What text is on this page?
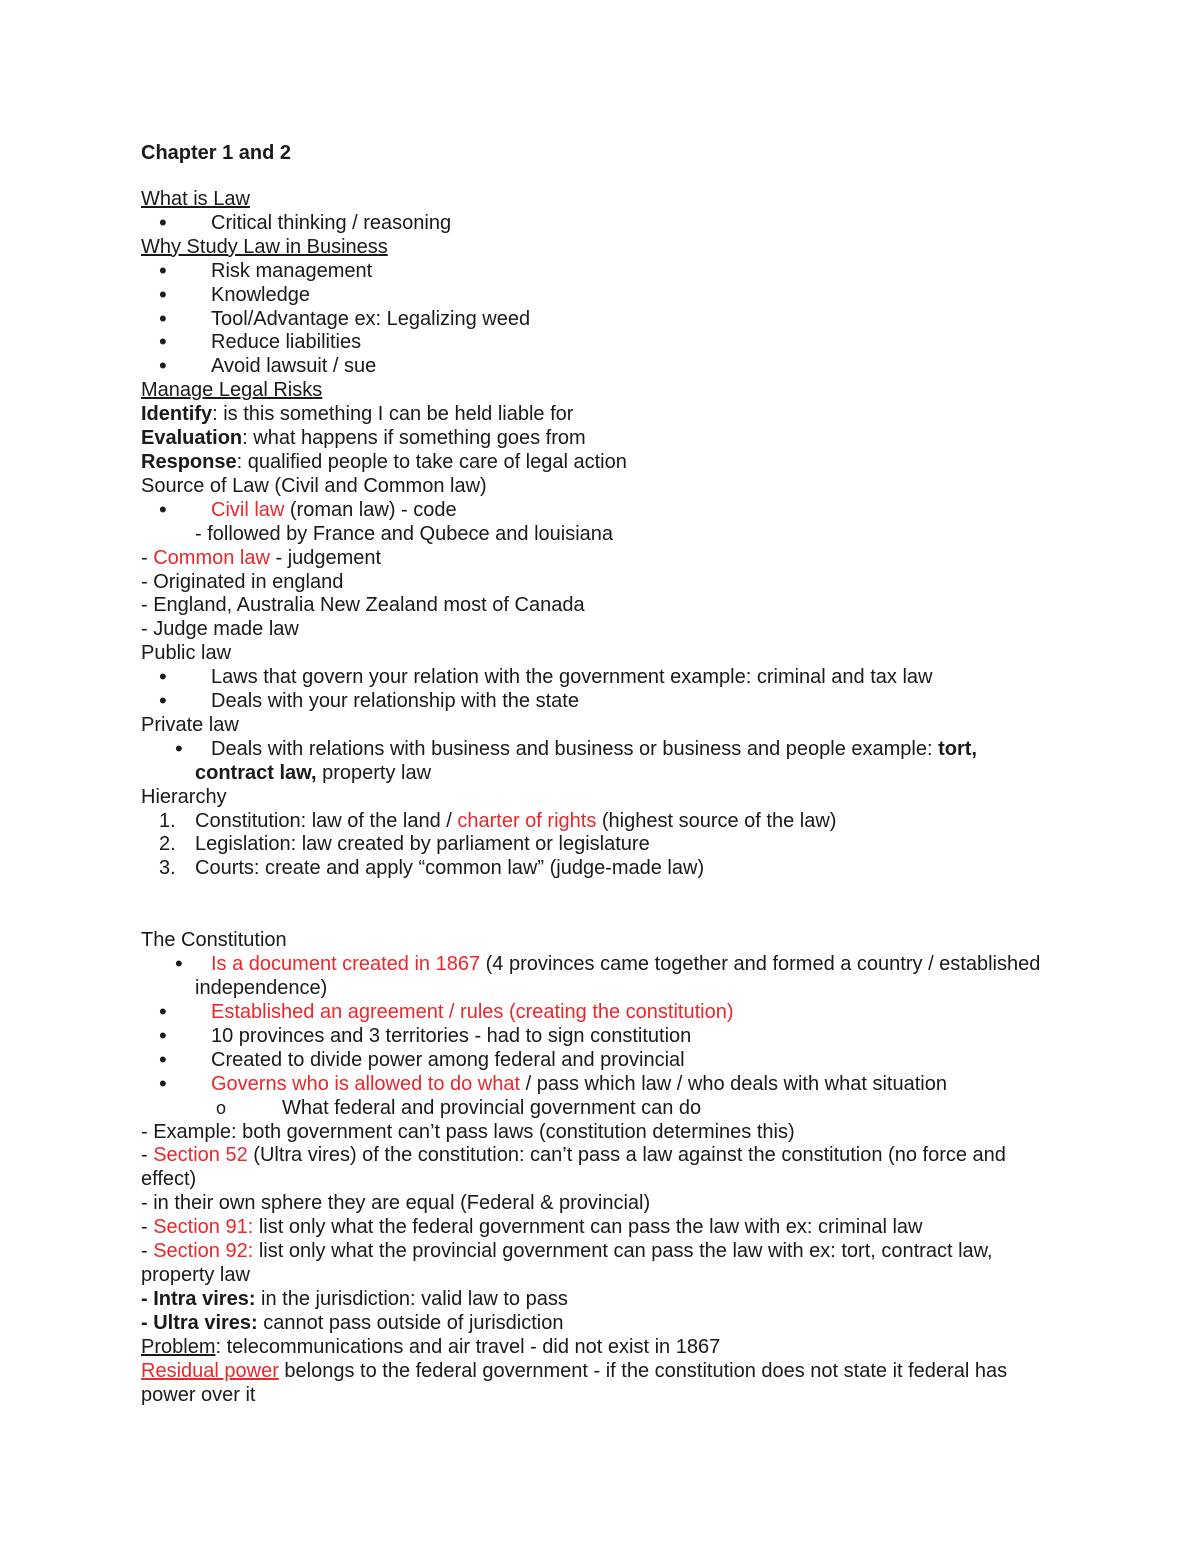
Chapter 1 and 2
What is Law
• Critical thinking / reasoning
Why Study Law in Business
• Risk management
• Knowledge
• Tool/Advantage ex: Legalizing weed
• Reduce liabilities
• Avoid lawsuit / sue
Manage Legal Risks
Identify: is this something I can be held liable for
Evaluation: what happens if something goes from
Response: qualified people to take care of legal action
Source of Law (Civil and Common law)
• Civil law (roman law) - code
- followed by France and Qubece and louisiana
- Common law - judgement
- Originated in england
- England, Australia New Zealand most of Canada
- Judge made law
Public law
• Laws that govern your relation with the government example: criminal and tax law
• Deals with your relationship with the state
Private law
• Deals with relations with business and business or business and people example: tort, contract law, property law
Hierarchy
1. Constitution: law of the land / charter of rights (highest source of the law)
2. Legislation: law created by parliament or legislature
3. Courts: create and apply “common law” (judge-made law)
The Constitution
• Is a document created in 1867 (4 provinces came together and formed a country / established independence)
• Established an agreement / rules (creating the constitution)
• 10 provinces and 3 territories - had to sign constitution
• Created to divide power among federal and provincial
• Governs who is allowed to do what / pass which law / who deals with what situation
o What federal and provincial government can do
- Example: both government can’t pass laws (constitution determines this)
- Section 52 (Ultra vires) of the constitution: can’t pass a law against the constitution (no force and effect)
- in their own sphere they are equal (Federal & provincial)
- Section 91: list only what the federal government can pass the law with ex: criminal law
- Section 92: list only what the provincial government can pass the law with ex: tort, contract law, property law
- Intra vires: in the jurisdiction: valid law to pass
- Ultra vires: cannot pass outside of jurisdiction
Problem: telecommunications and air travel - did not exist in 1867
Residual power belongs to the federal government - if the constitution does not state it federal has power over it
